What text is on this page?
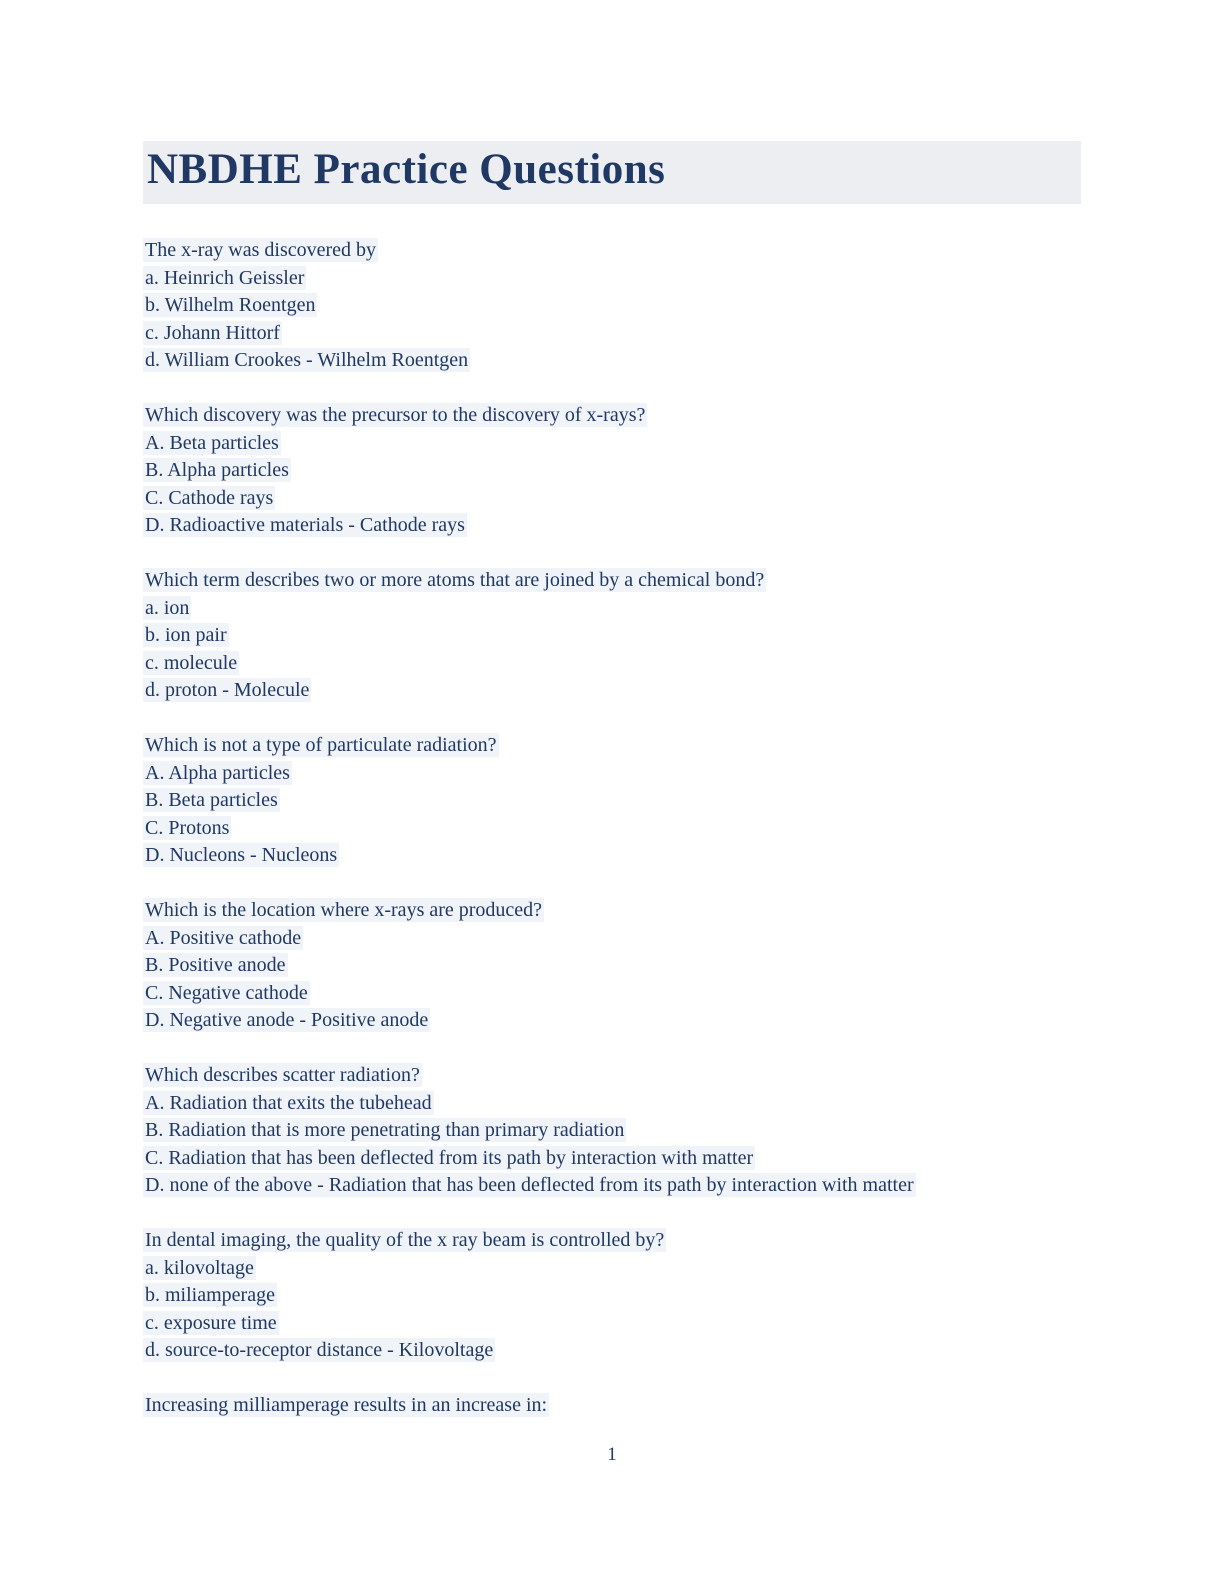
NBDHE Practice Questions
The x-ray was discovered by
a. Heinrich Geissler
b. Wilhelm Roentgen
c. Johann Hittorf
d. William Crookes - Wilhelm Roentgen
Which discovery was the precursor to the discovery of x-rays?
A. Beta particles
B. Alpha particles
C. Cathode rays
D. Radioactive materials - Cathode rays
Which term describes two or more atoms that are joined by a chemical bond?
a. ion
b. ion pair
c. molecule
d. proton - Molecule
Which is not a type of particulate radiation?
A. Alpha particles
B. Beta particles
C. Protons
D. Nucleons - Nucleons
Which is the location where x-rays are produced?
A. Positive cathode
B. Positive anode
C. Negative cathode
D. Negative anode - Positive anode
Which describes scatter radiation?
A. Radiation that exits the tubehead
B. Radiation that is more penetrating than primary radiation
C. Radiation that has been deflected from its path by interaction with matter
D. none of the above - Radiation that has been deflected from its path by interaction with matter
In dental imaging, the quality of the x ray beam is controlled by?
a. kilovoltage
b. miliamperage
c. exposure time
d. source-to-receptor distance - Kilovoltage
Increasing milliamperage results in an increase in:
1
